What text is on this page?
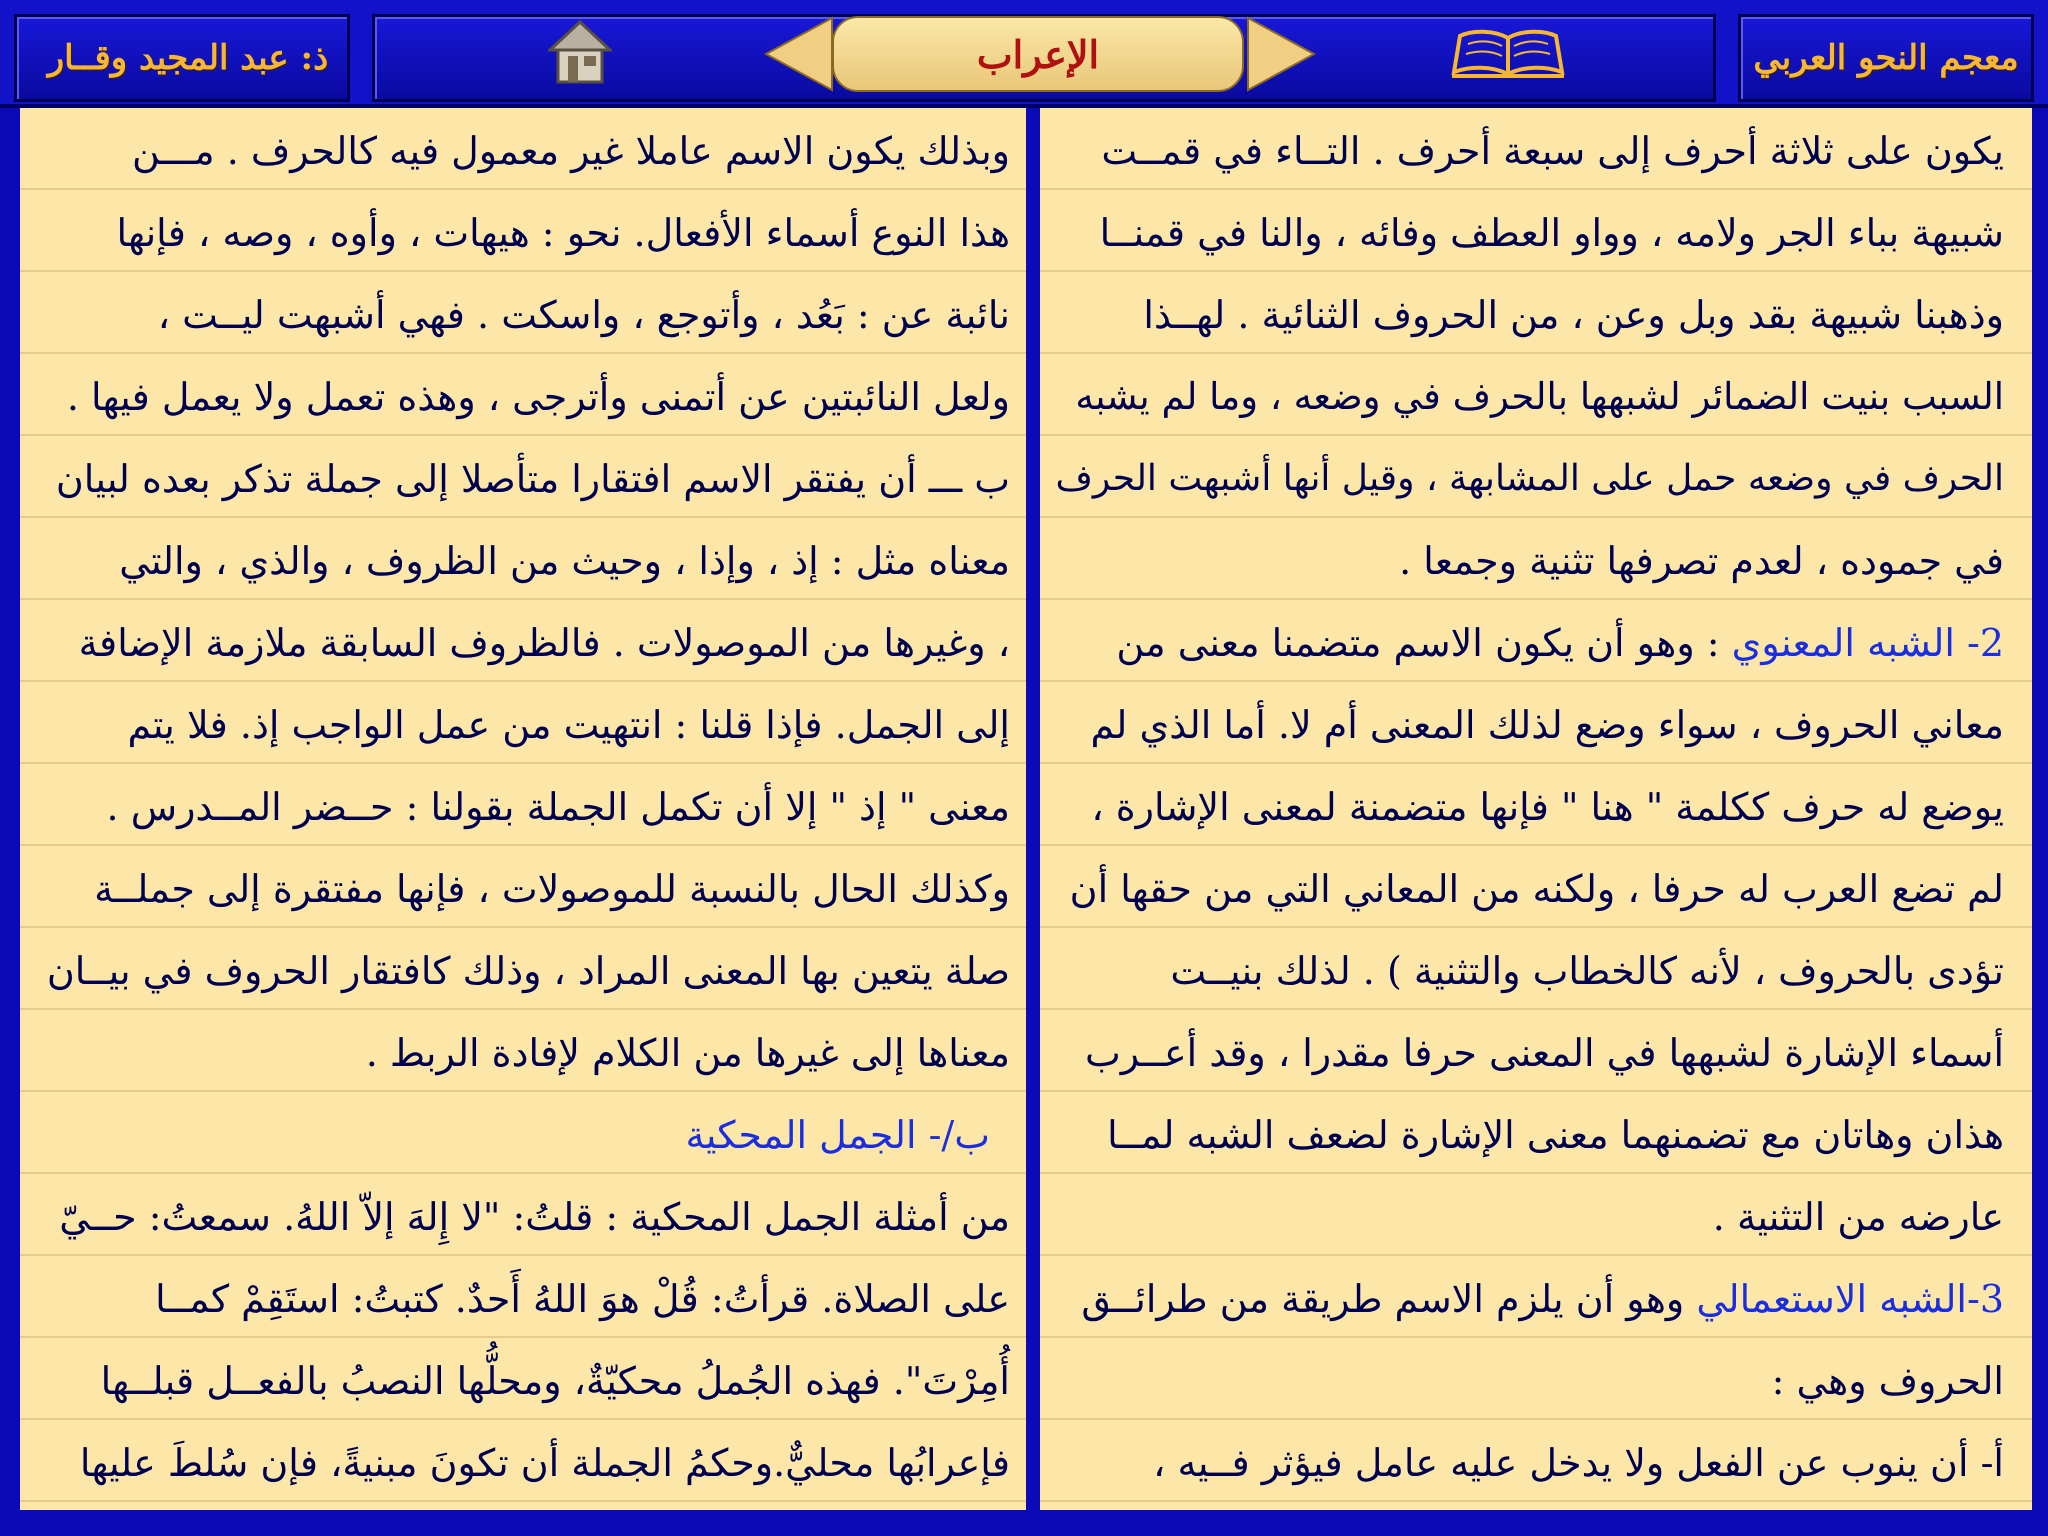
ذ: عبد المجيد وقــار	معجم النحو العربي
الإعراب
يكون على ثلاثة أحرف إلى سبعة أحرف . التــاء في قمــت
شبيهة بباء الجر ولامه ، وواو العطف وفائه ، والنا في قمنــا
وذهبنا شبيهة بقد وبل وعن ، من الحروف الثنائية . لهــذا
السبب بنيت الضمائر لشبهها بالحرف في وضعه ، وما لم يشبه
الحرف في وضعه حمل على المشابهة ، وقيل أنها أشبهت الحرف
في جموده ، لعدم تصرفها تثنية وجمعا .
2- الشبه المعنوي : وهو أن يكون الاسم متضمنا معنى من
معاني الحروف ، سواء وضع لذلك المعنى أم لا. أما الذي لم
يوضع له حرف ككلمة " هنا " فإنها متضمنة لمعنى الإشارة ،
لم تضع العرب له حرفا ، ولكنه من المعاني التي من حقها أن
تؤدى بالحروف ، لأنه كالخطاب والتثنية ) . لذلك بنيــت
أسماء الإشارة لشبهها في المعنى حرفا مقدرا ، وقد أعــرب
هذان وهاتان مع تضمنهما معنى الإشارة لضعف الشبه لمــا
عارضه من التثنية .
3-الشبه الاستعمالي وهو أن يلزم الاسم طريقة من طرائــق
الحروف وهي :
أ- أن ينوب عن الفعل ولا يدخل عليه عامل فيؤثر فــيه ،
وبذلك يكون الاسم عاملا غير معمول فيه كالحرف . مـــن
هذا النوع أسماء الأفعال. نحو : هيهات ، وأوه ، وصه ، فإنها
نائبة عن : بَعُد ، وأتوجع ، واسكت . فهي أشبهت ليــت ،
ولعل النائبتين عن أتمنى وأترجى ، وهذه تعمل ولا يعمل فيها .
ب ـــ أن يفتقر الاسم افتقارا متأصلا إلى جملة تذكر بعده لبيان
معناه مثل : إذ ، وإذا ، وحيث من الظروف ، والذي ، والتي
، وغيرها من الموصولات . فالظروف السابقة ملازمة الإضافة
إلى الجمل. فإذا قلنا : انتهيت من عمل الواجب إذ. فلا يتم
معنى " إذ " إلا أن تكمل الجملة بقولنا : حــضر المــدرس .
وكذلك الحال بالنسبة للموصولات ، فإنها مفتقرة إلى جملــة
صلة يتعين بها المعنى المراد ، وذلك كافتقار الحروف في بيــان
معناها إلى غيرها من الكلام لإفادة الربط .
ب/- الجمل المحكية
من أمثلة الجمل المحكية : قلتُ: "لا إِلهَ إلاّ اللهُ. سمعتُ: حــيّ
على الصلاة. قرأتُ: قُلْ هوَ اللهُ أَحدٌ. كتبتُ: استَقِمْ كمــا
أُمِرْتَ". فهذه الجُملُ محكيّةٌ، ومحلُّها النصبُ بالفعــل قبلــها
فإعرابُها محليٌّ.وحكمُ الجملة أن تكونَ مبنيةً، فإن سُلطَ عليها
